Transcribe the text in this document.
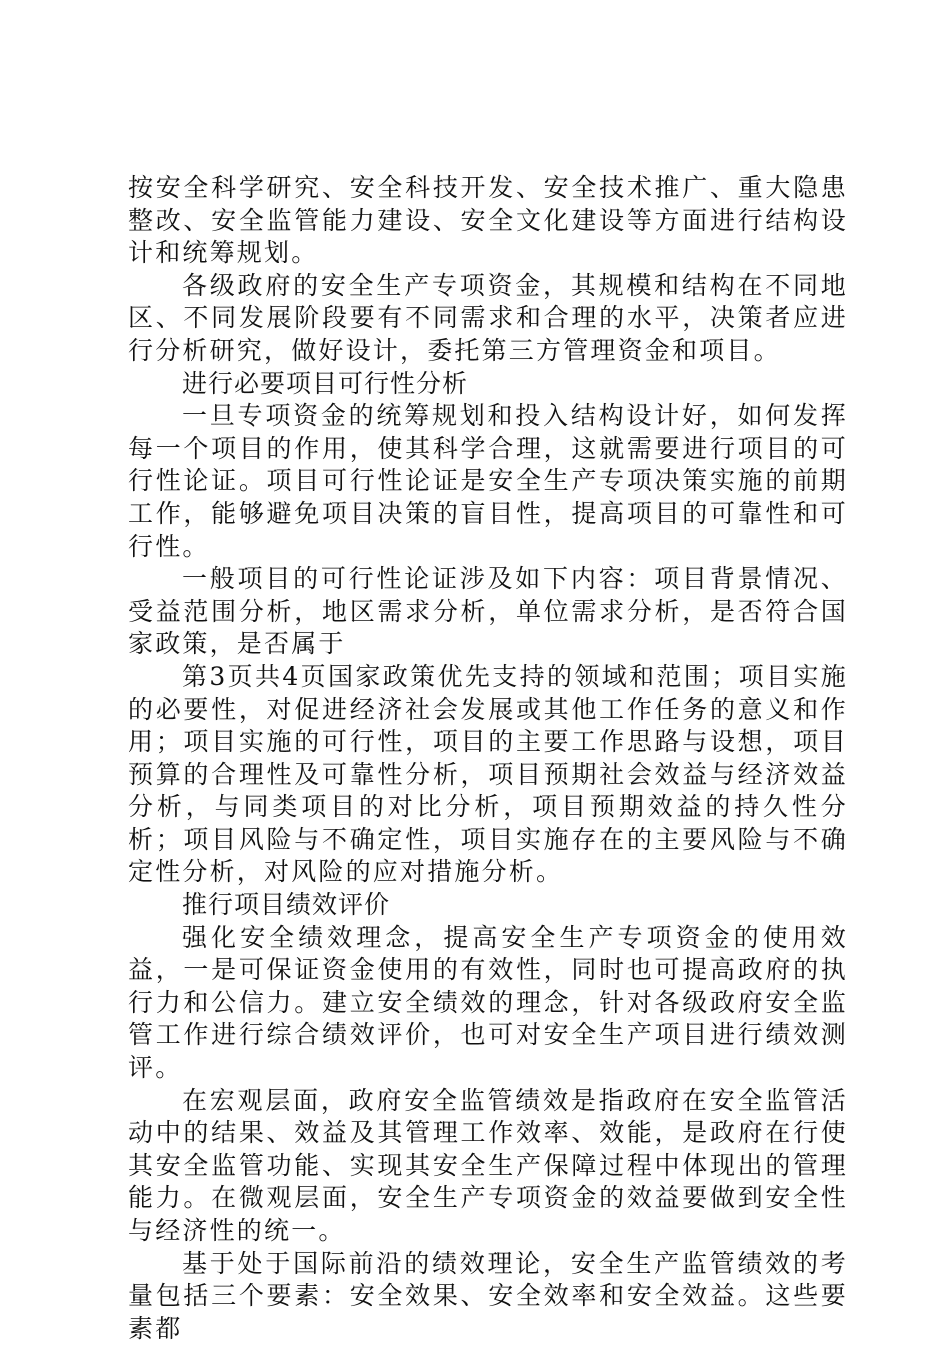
按安全科学研究、安全科技开发、安全技术推广、重大隐患整改、安全监管能力建设、安全文化建设等方面进行结构设计和统筹规划。

各级政府的安全生产专项资金，其规模和结构在不同地区、不同发展阶段要有不同需求和合理的水平，决策者应进行分析研究，做好设计，委托第三方管理资金和项目。

进行必要项目可行性分析

一旦专项资金的统筹规划和投入结构设计好，如何发挥每一个项目的作用，使其科学合理，这就需要进行项目的可行性论证。项目可行性论证是安全生产专项决策实施的前期工作，能够避免项目决策的盲目性，提高项目的可靠性和可行性。

一般项目的可行性论证涉及如下内容：项目背景情况、受益范围分析，地区需求分析，单位需求分析，是否符合国家政策，是否属于

第3页共4页国家政策优先支持的领域和范围；项目实施的必要性，对促进经济社会发展或其他工作任务的意义和作用；项目实施的可行性，项目的主要工作思路与设想，项目预算的合理性及可靠性分析，项目预期社会效益与经济效益分析，与同类项目的对比分析，项目预期效益的持久性分析；项目风险与不确定性，项目实施存在的主要风险与不确定性分析，对风险的应对措施分析。

推行项目绩效评价

强化安全绩效理念，提高安全生产专项资金的使用效益，一是可保证资金使用的有效性，同时也可提高政府的执行力和公信力。建立安全绩效的理念，针对各级政府安全监管工作进行综合绩效评价，也可对安全生产项目进行绩效测评。

在宏观层面，政府安全监管绩效是指政府在安全监管活动中的结果、效益及其管理工作效率、效能，是政府在行使其安全监管功能、实现其安全生产保障过程中体现出的管理能力。在微观层面，安全生产专项资金的效益要做到安全性与经济性的统一。

基于处于国际前沿的绩效理论，安全生产监管绩效的考量包括三个要素：安全效果、安全效率和安全效益。这些要素都
